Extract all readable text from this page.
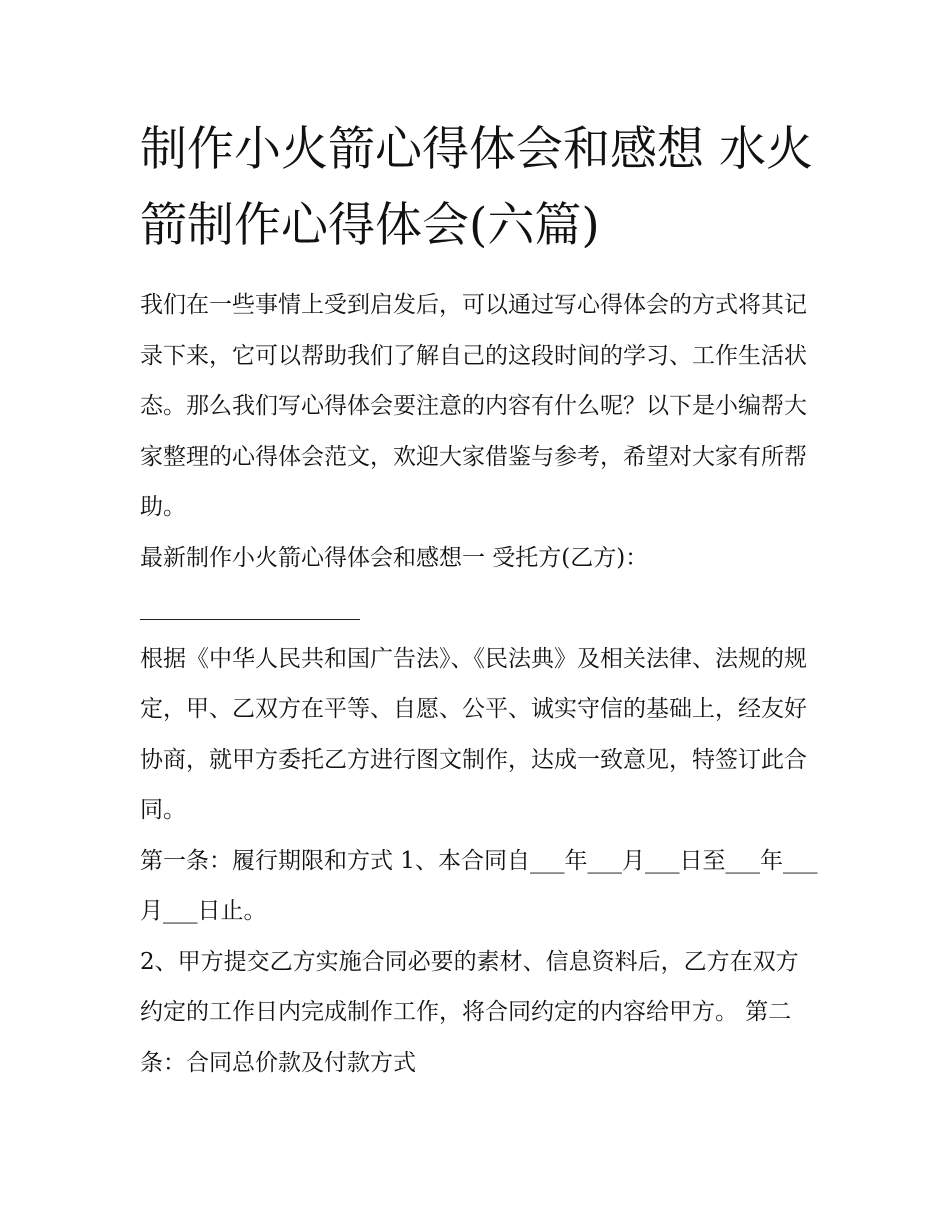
制作小火箭心得体会和感想 水火箭制作心得体会(六篇)

我们在一些事情上受到启发后，可以通过写心得体会的方式将其记录下来，它可以帮助我们了解自己的这段时间的学习、工作生活状态。那么我们写心得体会要注意的内容有什么呢？以下是小编帮大家整理的心得体会范文，欢迎大家借鉴与参考，希望对大家有所帮助。

最新制作小火箭心得体会和感想一 受托方(乙方)：

根据《中华人民共和国广告法》、《民法典》及相关法律、法规的规定，甲、乙双方在平等、自愿、公平、诚实守信的基础上，经友好协商，就甲方委托乙方进行图文制作，达成一致意见，特签订此合同。

第一条：履行期限和方式 1、本合同自___年___月___日至___年___月___日止。

2、甲方提交乙方实施合同必要的素材、信息资料后，乙方在双方约定的工作日内完成制作工作，将合同约定的内容给甲方。 第二条：合同总价款及付款方式
